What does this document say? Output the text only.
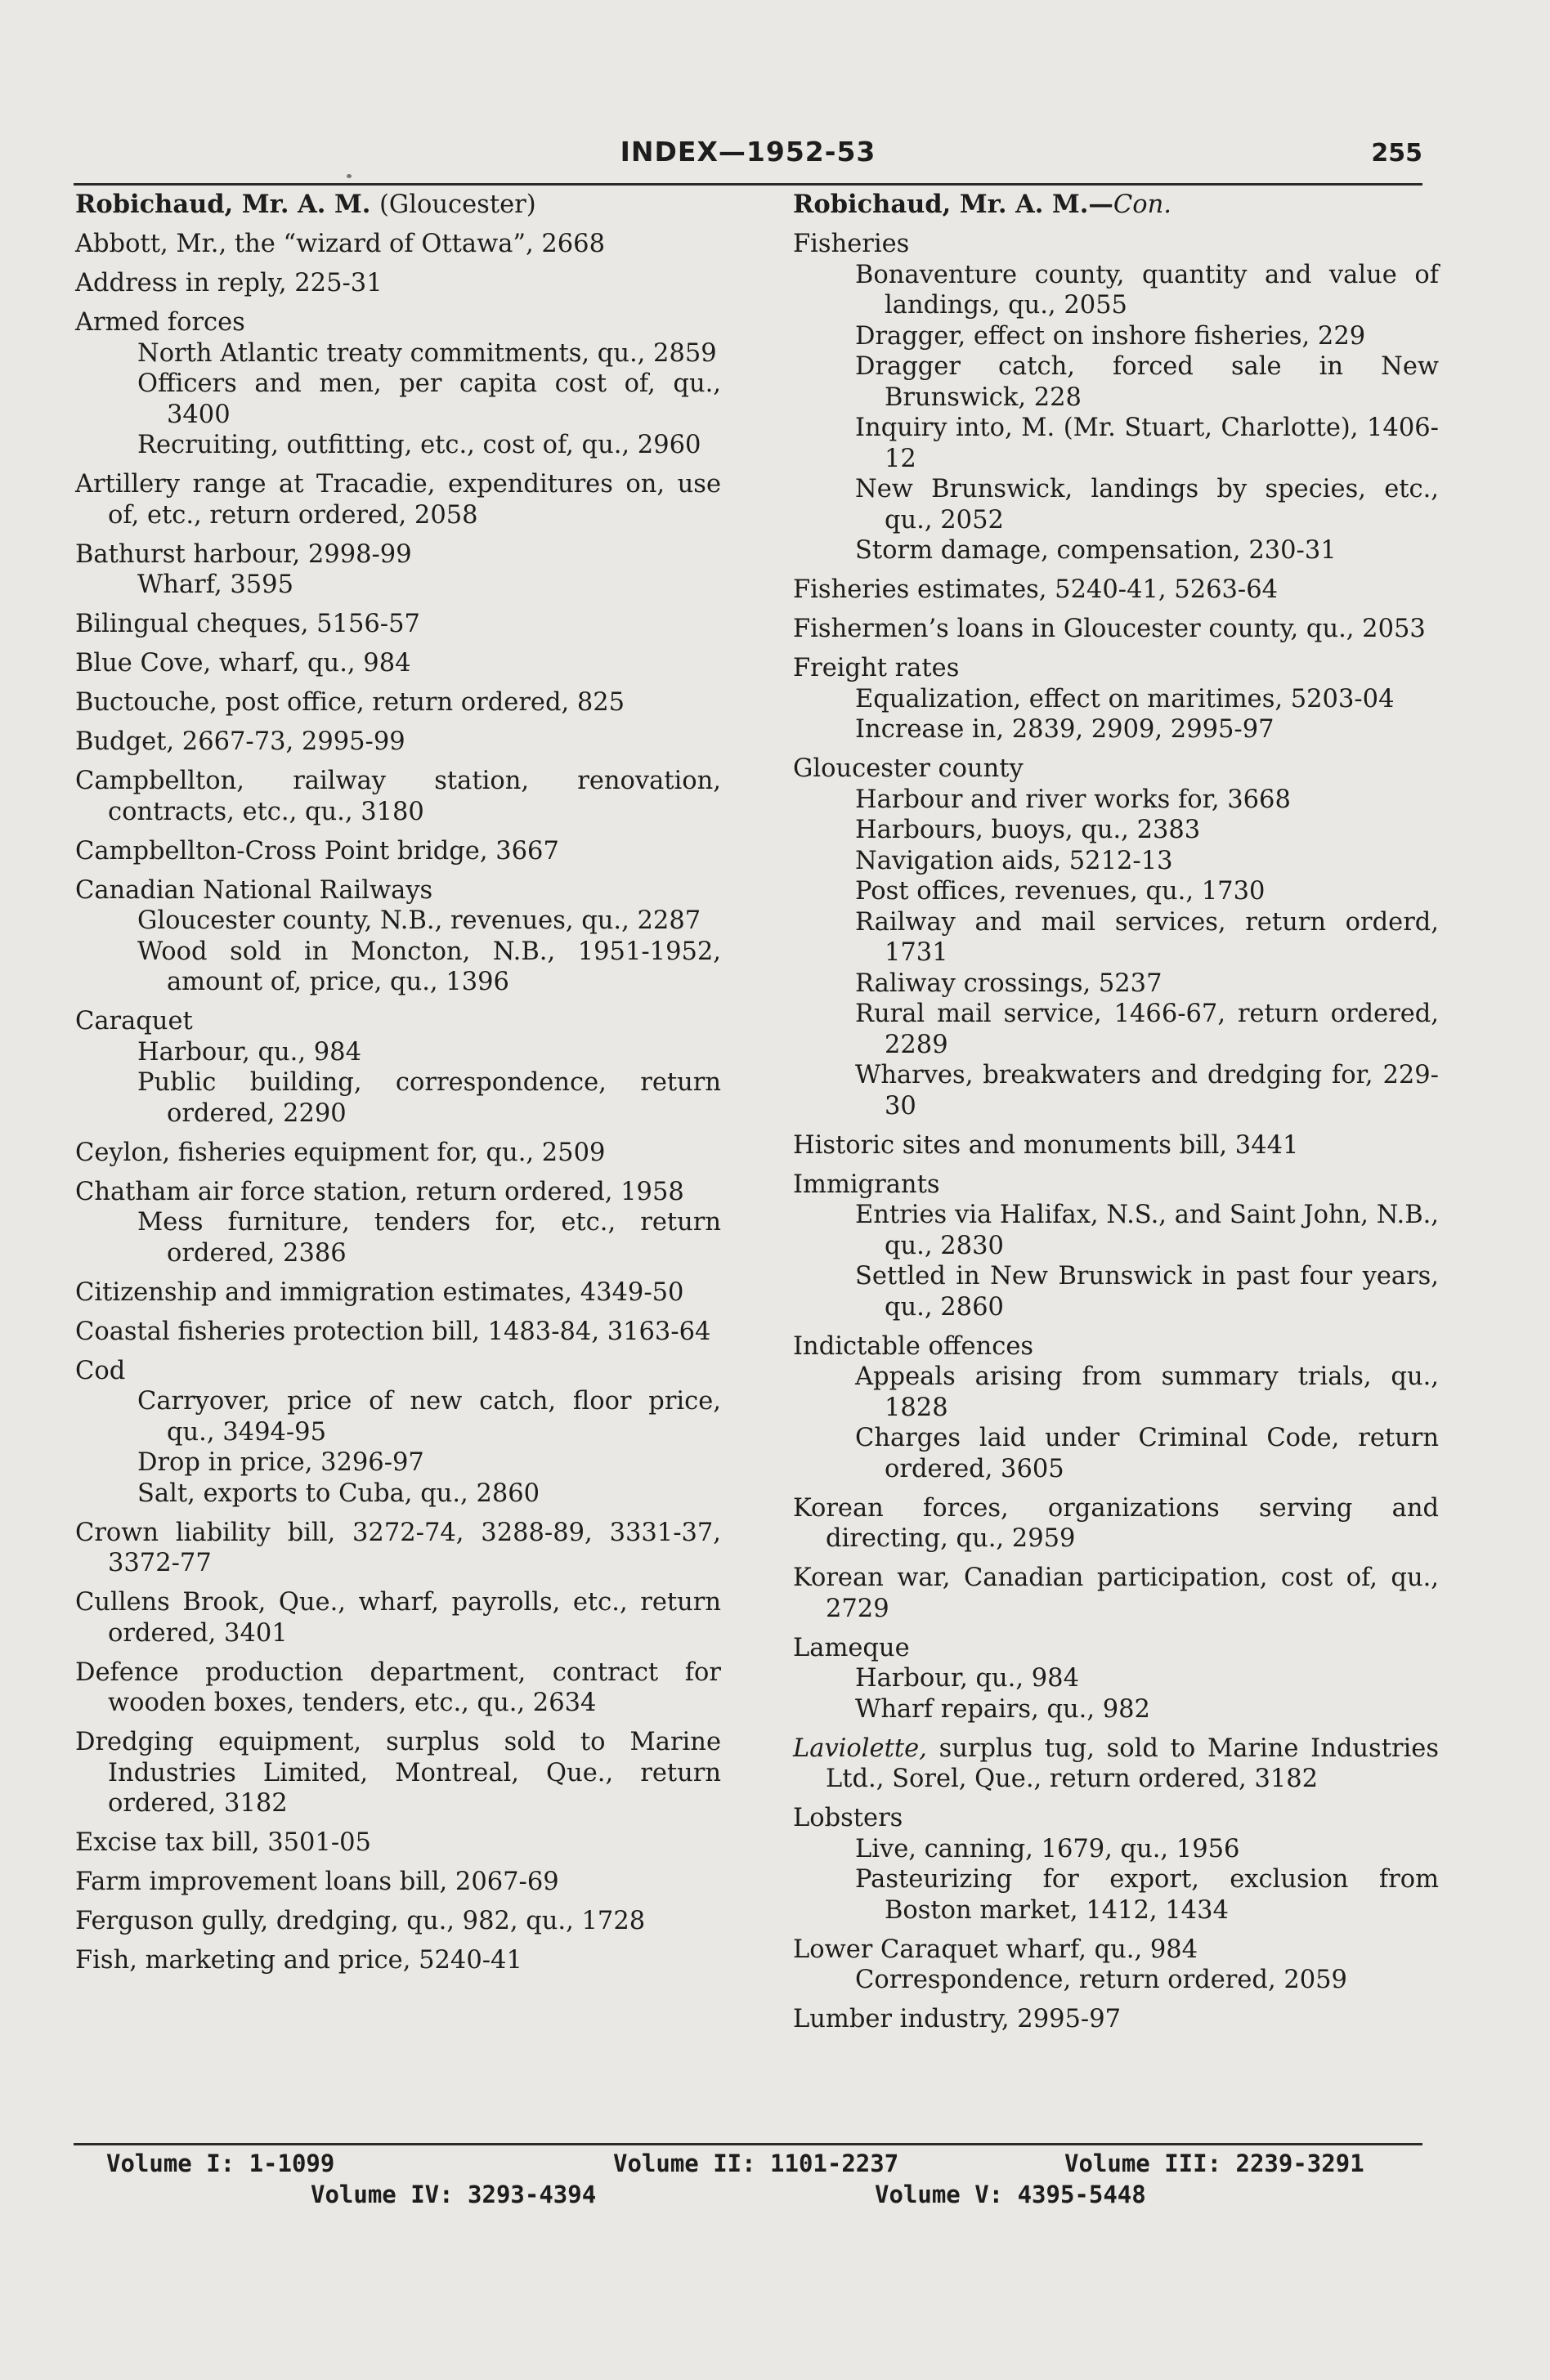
INDEX—1952-53	255
Robichaud, Mr. A. M. (Gloucester)
Abbott, Mr., the “wizard of Ottawa”, 2668
Address in reply, 225-31
Armed forces
North Atlantic treaty commitments, qu., 2859
Officers and men, per capita cost of, qu., 3400
Recruiting, outfitting, etc., cost of, qu., 2960
Artillery range at Tracadie, expenditures on, use of, etc., return ordered, 2058
Bathurst harbour, 2998-99
Wharf, 3595
Bilingual cheques, 5156-57
Blue Cove, wharf, qu., 984
Buctouche, post office, return ordered, 825
Budget, 2667-73, 2995-99
Campbellton, railway station, renovation, contracts, etc., qu., 3180
Campbellton-Cross Point bridge, 3667
Canadian National Railways
Gloucester county, N.B., revenues, qu., 2287
Wood sold in Moncton, N.B., 1951-1952, amount of, price, qu., 1396
Caraquet
Harbour, qu., 984
Public building, correspondence, return ordered, 2290
Ceylon, fisheries equipment for, qu., 2509
Chatham air force station, return ordered, 1958
Mess furniture, tenders for, etc., return ordered, 2386
Citizenship and immigration estimates, 4349-50
Coastal fisheries protection bill, 1483-84, 3163-64
Cod
Carryover, price of new catch, floor price, qu., 3494-95
Drop in price, 3296-97
Salt, exports to Cuba, qu., 2860
Crown liability bill, 3272-74, 3288-89, 3331-37, 3372-77
Cullens Brook, Que., wharf, payrolls, etc., return ordered, 3401
Defence production department, contract for wooden boxes, tenders, etc., qu., 2634
Dredging equipment, surplus sold to Marine Industries Limited, Montreal, Que., return ordered, 3182
Excise tax bill, 3501-05
Farm improvement loans bill, 2067-69
Ferguson gully, dredging, qu., 982, qu., 1728
Fish, marketing and price, 5240-41
Robichaud, Mr. A. M.—Con.
Fisheries
Bonaventure county, quantity and value of landings, qu., 2055
Dragger, effect on inshore fisheries, 229
Dragger catch, forced sale in New Brunswick, 228
Inquiry into, M. (Mr. Stuart, Charlotte), 1406-12
New Brunswick, landings by species, etc., qu., 2052
Storm damage, compensation, 230-31
Fisheries estimates, 5240-41, 5263-64
Fishermen’s loans in Gloucester county, qu., 2053
Freight rates
Equalization, effect on maritimes, 5203-04
Increase in, 2839, 2909, 2995-97
Gloucester county
Harbour and river works for, 3668
Harbours, buoys, qu., 2383
Navigation aids, 5212-13
Post offices, revenues, qu., 1730
Railway and mail services, return orderd, 1731
Raliway crossings, 5237
Rural mail service, 1466-67, return ordered, 2289
Wharves, breakwaters and dredging for, 229-30
Historic sites and monuments bill, 3441
Immigrants
Entries via Halifax, N.S., and Saint John, N.B., qu., 2830
Settled in New Brunswick in past four years, qu., 2860
Indictable offences
Appeals arising from summary trials, qu., 1828
Charges laid under Criminal Code, return ordered, 3605
Korean forces, organizations serving and directing, qu., 2959
Korean war, Canadian participation, cost of, qu., 2729
Lameque
Harbour, qu., 984
Wharf repairs, qu., 982
Laviolette, surplus tug, sold to Marine Industries Ltd., Sorel, Que., return ordered, 3182
Lobsters
Live, canning, 1679, qu., 1956
Pasteurizing for export, exclusion from Boston market, 1412, 1434
Lower Caraquet wharf, qu., 984
Correspondence, return ordered, 2059
Lumber industry, 2995-97
Volume I: 1-1099	Volume II: 1101-2237	Volume III: 2239-3291
Volume IV: 3293-4394	Volume V: 4395-5448
